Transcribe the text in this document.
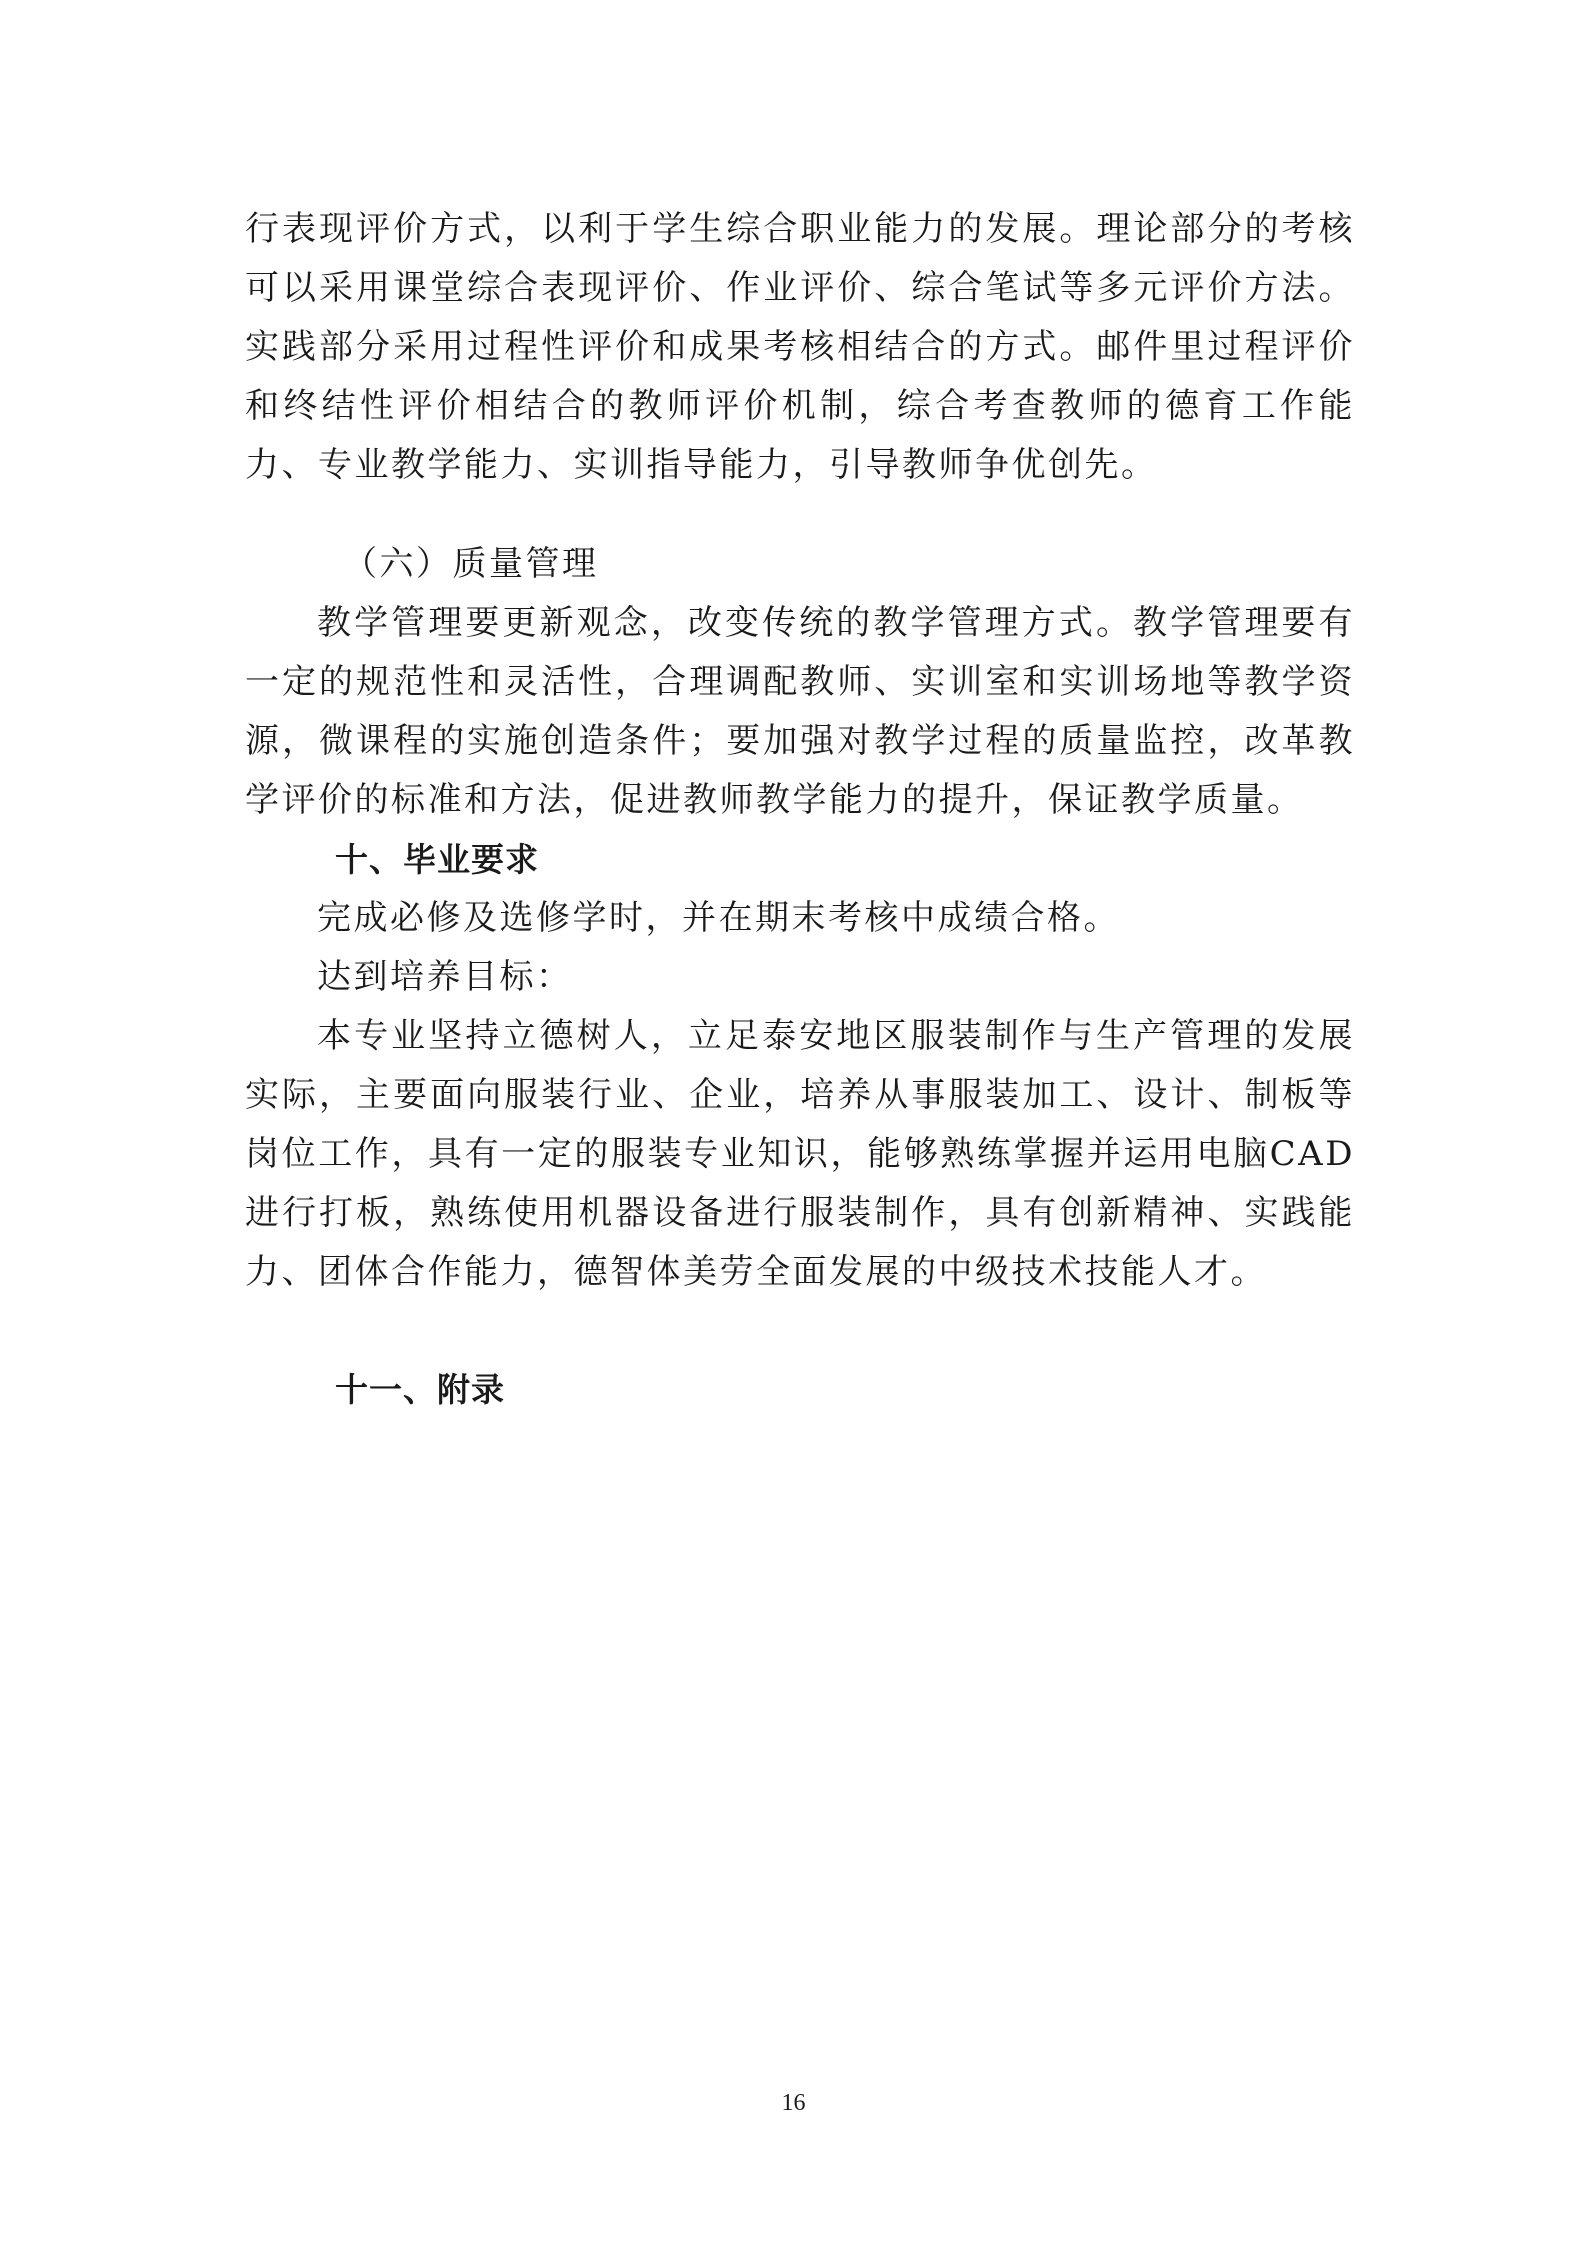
行表现评价方式，以利于学生综合职业能力的发展。理论部分的考核可以采用课堂综合表现评价、作业评价、综合笔试等多元评价方法。实践部分采用过程性评价和成果考核相结合的方式。邮件里过程评价和终结性评价相结合的教师评价机制，综合考查教师的德育工作能力、专业教学能力、实训指导能力，引导教师争优创先。

（六）质量管理

教学管理要更新观念，改变传统的教学管理方式。教学管理要有一定的规范性和灵活性，合理调配教师、实训室和实训场地等教学资源，微课程的实施创造条件；要加强对教学过程的质量监控，改革教学评价的标准和方法，促进教师教学能力的提升，保证教学质量。

十、毕业要求

完成必修及选修学时，并在期末考核中成绩合格。

达到培养目标：

本专业坚持立德树人，立足泰安地区服装制作与生产管理的发展实际，主要面向服装行业、企业，培养从事服装加工、设计、制板等岗位工作，具有一定的服装专业知识，能够熟练掌握并运用电脑CAD进行打板，熟练使用机器设备进行服装制作，具有创新精神、实践能力、团体合作能力，德智体美劳全面发展的中级技术技能人才。

十一、附录

16
